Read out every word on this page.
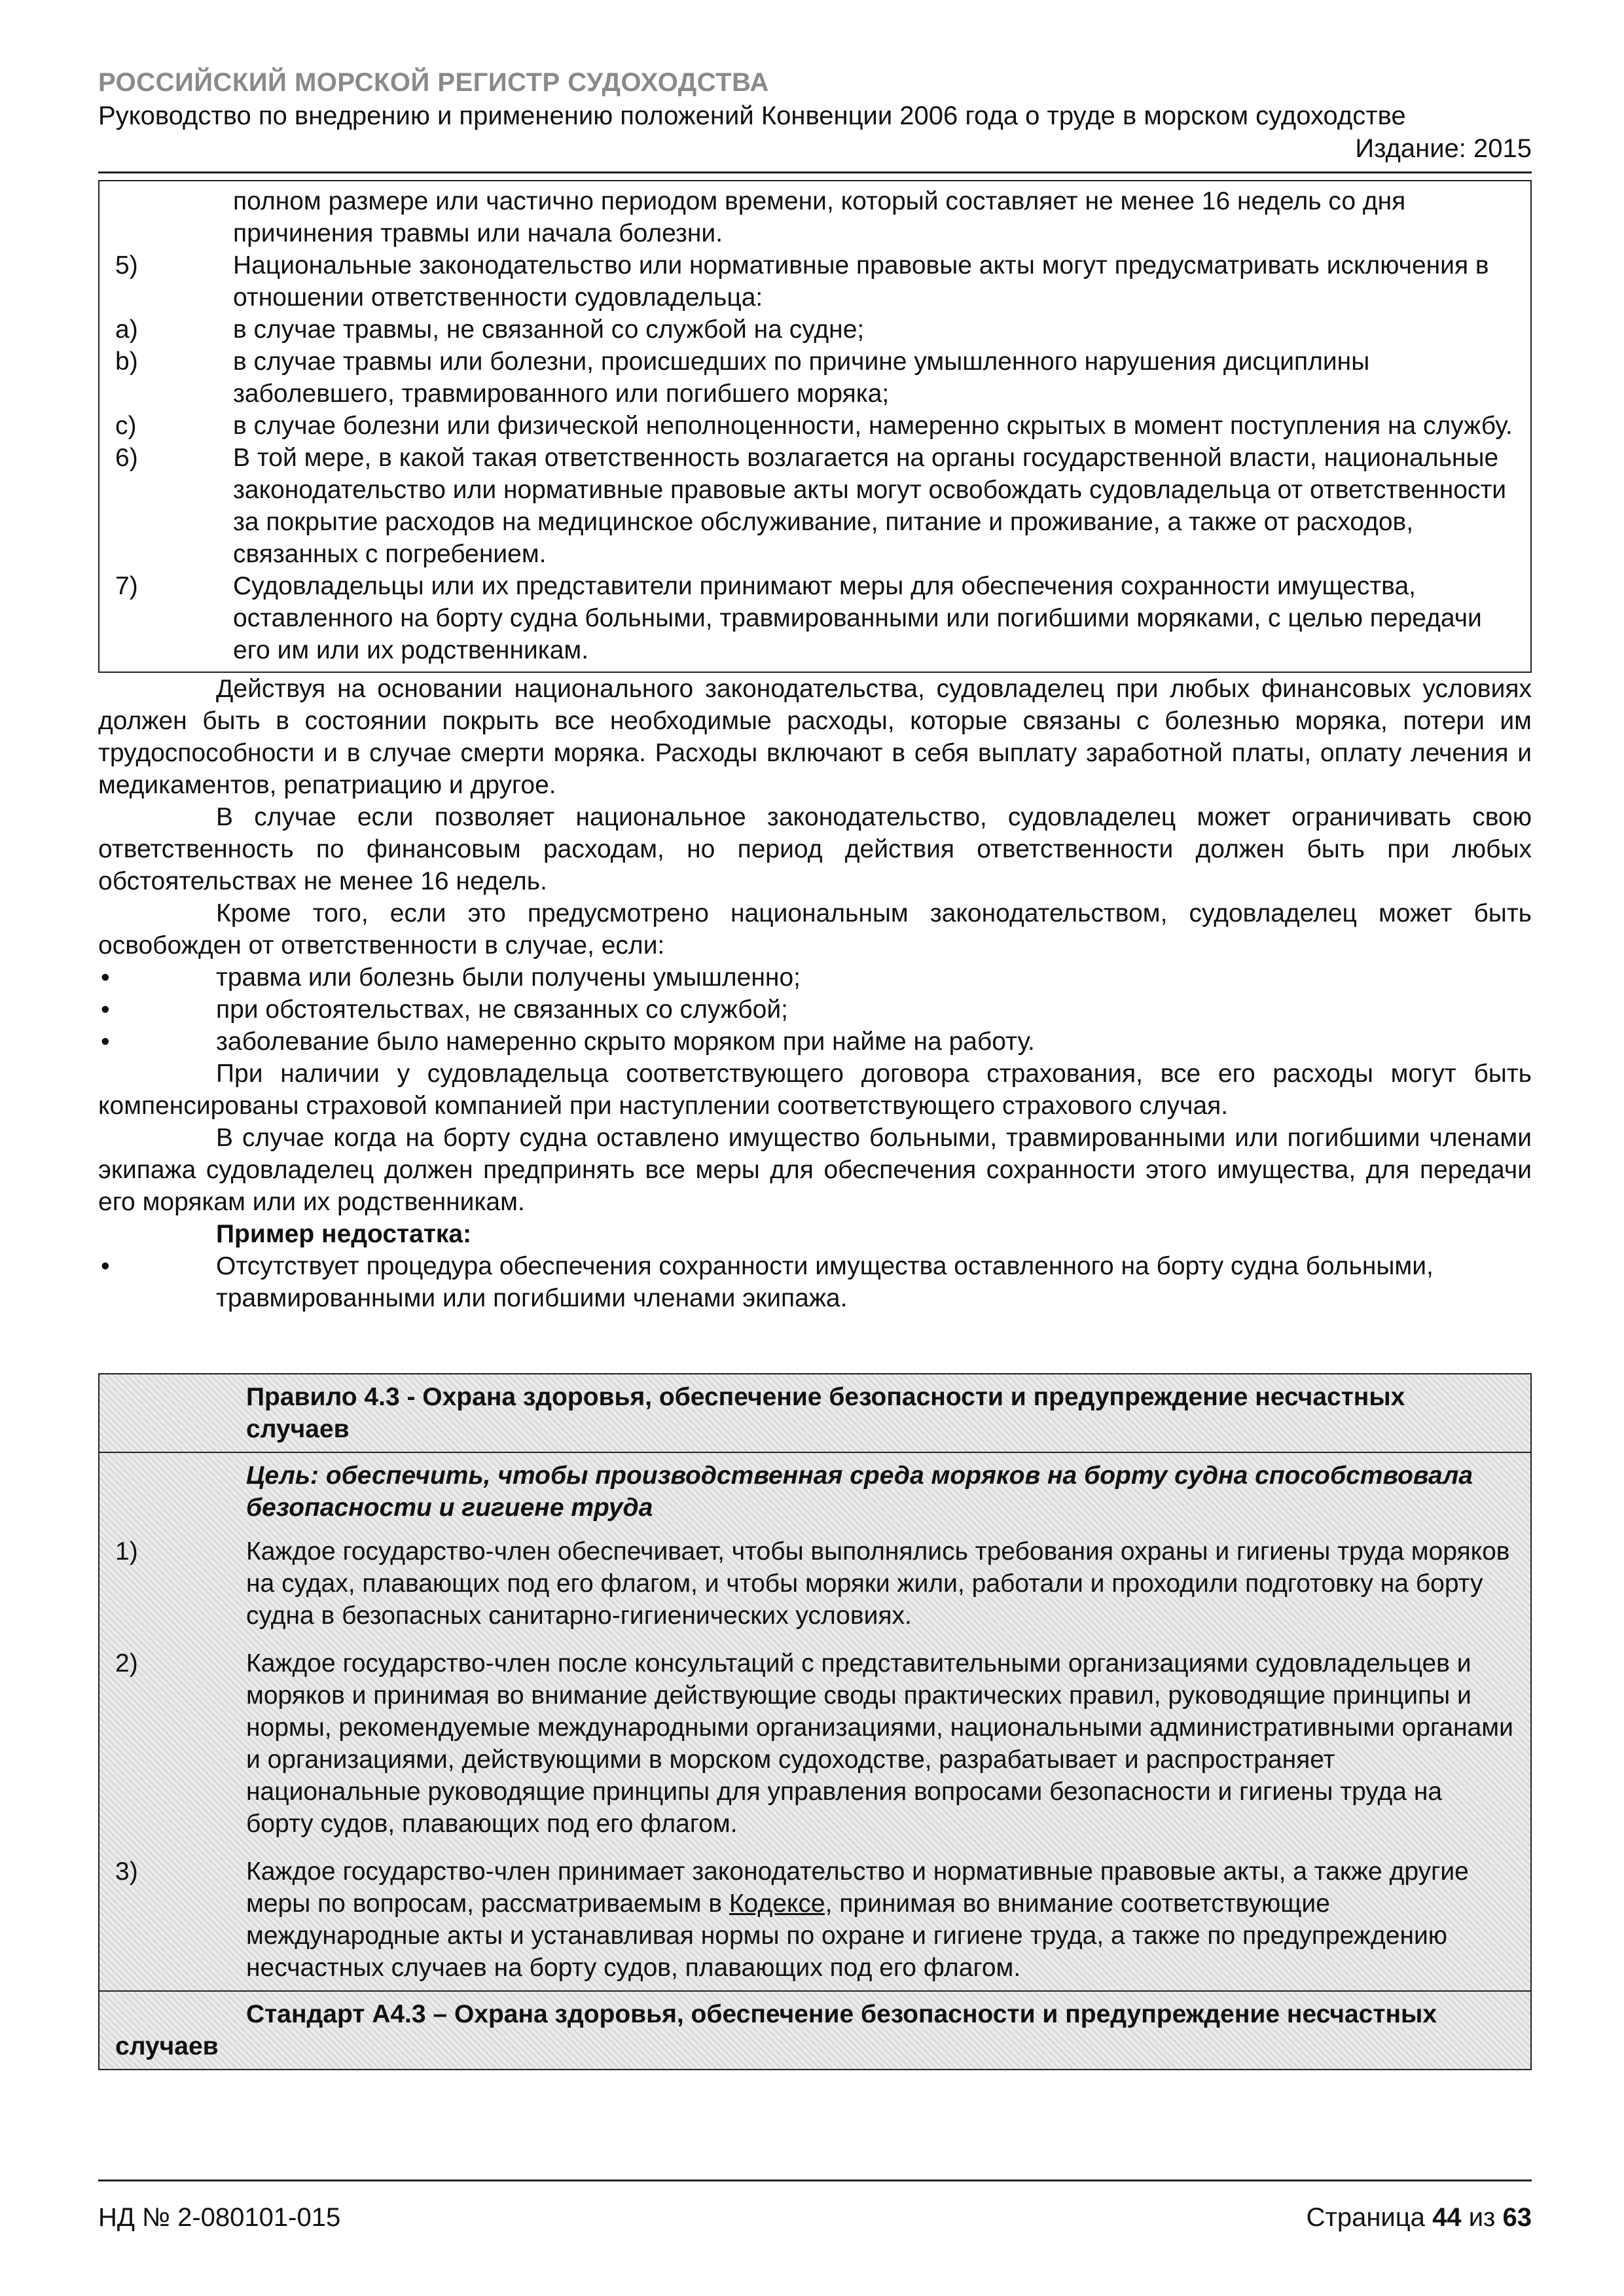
РОССИЙСКИЙ МОРСКОЙ РЕГИСТР СУДОХОДСТВА
Руководство по внедрению и применению положений Конвенции 2006 года о труде в морском судоходстве
Издание: 2015
полном размере или частично периодом времени, который составляет не менее 16 недель со дня причинения травмы или начала болезни.
5)	Национальные законодательство или нормативные правовые акты могут предусматривать исключения в отношении ответственности судовладельца:
a)	в случае травмы, не связанной со службой на судне;
b)	в случае травмы или болезни, происшедших по причине умышленного нарушения дисциплины заболевшего, травмированного или погибшего моряка;
c)	в случае болезни или физической неполноценности, намеренно скрытых в момент поступления на службу.
6)	В той мере, в какой такая ответственность возлагается на органы государственной власти, национальные законодательство или нормативные правовые акты могут освобождать судовладельца от ответственности за покрытие расходов на медицинское обслуживание, питание и проживание, а также от расходов, связанных с погребением.
7)	Судовладельцы или их представители принимают меры для обеспечения сохранности имущества, оставленного на борту судна больными, травмированными или погибшими моряками, с целью передачи его им или их родственникам.
Действуя на основании национального законодательства, судовладелец при любых финансовых условиях должен быть в состоянии покрыть все необходимые расходы, которые связаны с болезнью моряка, потери им трудоспособности и в случае смерти моряка. Расходы включают в себя выплату заработной платы, оплату лечения и медикаментов, репатриацию и другое.
В случае если позволяет национальное законодательство, судовладелец может ограничивать свою ответственность по финансовым расходам, но период действия ответственности должен быть при любых обстоятельствах не менее 16 недель.
Кроме того, если это предусмотрено национальным законодательством, судовладелец может быть освобожден от ответственности в случае, если:
•	травма или болезнь были получены умышленно;
•	при обстоятельствах, не связанных со службой;
•	заболевание было намеренно скрыто моряком при найме на работу.
При наличии у судовладельца соответствующего договора страхования, все его расходы могут быть компенсированы страховой компанией при наступлении соответствующего страхового случая.
В случае когда на борту судна оставлено имущество больными, травмированными или погибшими членами экипажа судовладелец должен предпринять все меры для обеспечения сохранности этого имущества, для передачи его морякам или их родственникам.
Пример недостатка:
•	Отсутствует процедура обеспечения сохранности имущества оставленного на борту судна больными, травмированными или погибшими членами экипажа.
Правило 4.3 - Охрана здоровья, обеспечение безопасности и предупреждение несчастных случаев
Цель: обеспечить, чтобы производственная среда моряков на борту судна способствовала безопасности и гигиене труда
1)	Каждое государство-член обеспечивает, чтобы выполнялись требования охраны и гигиены труда моряков на судах, плавающих под его флагом, и чтобы моряки жили, работали и проходили подготовку на борту судна в безопасных санитарно-гигиенических условиях.
2)	Каждое государство-член после консультаций с представительными организациями судовладельцев и моряков и принимая во внимание действующие своды практических правил, руководящие принципы и нормы, рекомендуемые международными организациями, национальными административными органами и организациями, действующими в морском судоходстве, разрабатывает и распространяет национальные руководящие принципы для управления вопросами безопасности и гигиены труда на борту судов, плавающих под его флагом.
3)	Каждое государство-член принимает законодательство и нормативные правовые акты, а также другие меры по вопросам, рассматриваемым в Кодексе, принимая во внимание соответствующие международные акты и устанавливая нормы по охране и гигиене труда, а также по предупреждению несчастных случаев на борту судов, плавающих под его флагом.
Стандарт А4.3 – Охрана здоровья, обеспечение безопасности и предупреждение несчастных случаев
НД № 2-080101-015	Страница 44 из 63
